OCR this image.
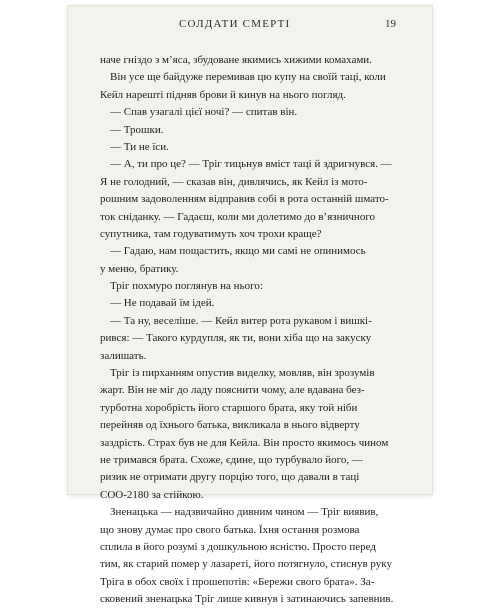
СОЛДАТИ СМЕРТІ	19
наче гніздо з м’яса, збудоване якимись хижими комахами.
Він усе ще байдуже перемивав цю купу на своїй таці, коли
Кейл нарешті підняв брови й кинув на нього погляд.
— Спав узагалі цієї ночі? — спитав він.
— Трошки.
— Ти не їси.
— А, ти про це? — Тріг тицьнув вміст таці й здригнувся. —
Я не голодний, — сказав він, дивлячись, як Кейл із мото-
рошним задоволенням відправив собі в рота останній шмато-
ток сніданку. — Гадаєш, коли ми долетимо до в’язничного
супутника, там годуватимуть хоч трохи краще?
— Гадаю, нам пощастить, якщо ми самі не опинимось
у меню, братику.
Тріг похмуро поглянув на нього:
— Не подавай їм ідей.
— Та ну, веселіше. — Кейл витер рота рукавом і вишкі-
рився: — Такого курдупля, як ти, вони хіба що на закуску
залишать.
Тріг із пирханням опустив виделку, мовляв, він зрозумів
жарт. Він не міг до ладу пояснити чому, але вдавана без-
турботна хоробрість його старшого брата, яку той ніби
перейняв од їхнього батька, викликала в нього відверту
заздрість. Страх був не для Кейла. Він просто якимось чином
не тримався брата. Схоже, єдине, що турбувало його, —
ризик не отримати другу порцію того, що давали в таці
СОО-2180 за стійкою.
Зненацька — надзвичайно дивним чином — Тріг виявив,
що знову думає про свого батька. Їхня остання розмова
сплила в його розумі з дошкульною ясністю. Просто перед
тим, як старий помер у лазареті, його потягнуло, стиснув руку
Тріга в обох своїх і прошепотів: «Бережи свого брата». За-
сковений зненацька Тріг лише кивнув і затинаючись запевнив.
